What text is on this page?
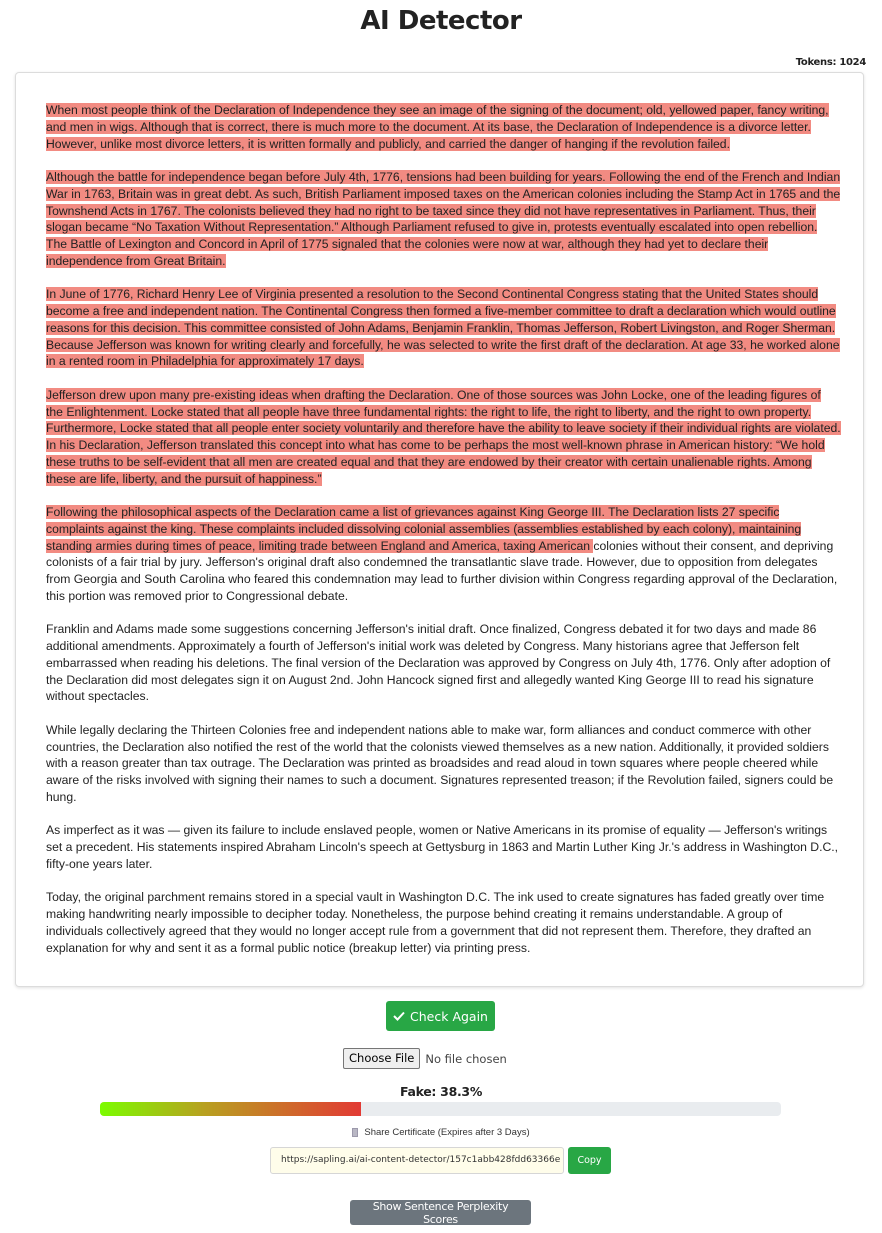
AI Detector
Tokens: 1024

When most people think of the Declaration of Independence they see an image of the signing of the document; old, yellowed paper, fancy writing, and men in wigs. Although that is correct, there is much more to the document. At its base, the Declaration of Independence is a divorce letter. However, unlike most divorce letters, it is written formally and publicly, and carried the danger of hanging if the revolution failed.

Although the battle for independence began before July 4th, 1776, tensions had been building for years. Following the end of the French and Indian War in 1763, Britain was in great debt. As such, British Parliament imposed taxes on the American colonies including the Stamp Act in 1765 and the Townshend Acts in 1767. The colonists believed they had no right to be taxed since they did not have representatives in Parliament. Thus, their slogan became “No Taxation Without Representation.” Although Parliament refused to give in, protests eventually escalated into open rebellion. The Battle of Lexington and Concord in April of 1775 signaled that the colonies were now at war, although they had yet to declare their independence from Great Britain.

In June of 1776, Richard Henry Lee of Virginia presented a resolution to the Second Continental Congress stating that the United States should become a free and independent nation. The Continental Congress then formed a five-member committee to draft a declaration which would outline reasons for this decision. This committee consisted of John Adams, Benjamin Franklin, Thomas Jefferson, Robert Livingston, and Roger Sherman. Because Jefferson was known for writing clearly and forcefully, he was selected to write the first draft of the declaration. At age 33, he worked alone in a rented room in Philadelphia for approximately 17 days.

Jefferson drew upon many pre-existing ideas when drafting the Declaration. One of those sources was John Locke, one of the leading figures of the Enlightenment. Locke stated that all people have three fundamental rights: the right to life, the right to liberty, and the right to own property. Furthermore, Locke stated that all people enter society voluntarily and therefore have the ability to leave society if their individual rights are violated. In his Declaration, Jefferson translated this concept into what has come to be perhaps the most well-known phrase in American history: “We hold these truths to be self-evident that all men are created equal and that they are endowed by their creator with certain unalienable rights. Among these are life, liberty, and the pursuit of happiness.”

Following the philosophical aspects of the Declaration came a list of grievances against King George III. The Declaration lists 27 specific complaints against the king. These complaints included dissolving colonial assemblies (assemblies established by each colony), maintaining standing armies during times of peace, limiting trade between England and America, taxing American colonies without their consent, and depriving colonists of a fair trial by jury. Jefferson's original draft also condemned the transatlantic slave trade. However, due to opposition from delegates from Georgia and South Carolina who feared this condemnation may lead to further division within Congress regarding approval of the Declaration, this portion was removed prior to Congressional debate.

Franklin and Adams made some suggestions concerning Jefferson's initial draft. Once finalized, Congress debated it for two days and made 86 additional amendments. Approximately a fourth of Jefferson's initial work was deleted by Congress. Many historians agree that Jefferson felt embarrassed when reading his deletions. The final version of the Declaration was approved by Congress on July 4th, 1776. Only after adoption of the Declaration did most delegates sign it on August 2nd. John Hancock signed first and allegedly wanted King George III to read his signature without spectacles.

While legally declaring the Thirteen Colonies free and independent nations able to make war, form alliances and conduct commerce with other countries, the Declaration also notified the rest of the world that the colonists viewed themselves as a new nation. Additionally, it provided soldiers with a reason greater than tax outrage. The Declaration was printed as broadsides and read aloud in town squares where people cheered while aware of the risks involved with signing their names to such a document. Signatures represented treason; if the Revolution failed, signers could be hung.

As imperfect as it was — given its failure to include enslaved people, women or Native Americans in its promise of equality — Jefferson's writings set a precedent. His statements inspired Abraham Lincoln's speech at Gettysburg in 1863 and Martin Luther King Jr.'s address in Washington D.C., fifty-one years later.

Today, the original parchment remains stored in a special vault in Washington D.C. The ink used to create signatures has faded greatly over time making handwriting nearly impossible to decipher today. Nonetheless, the purpose behind creating it remains understandable. A group of individuals collectively agreed that they would no longer accept rule from a government that did not represent them. Therefore, they drafted an explanation for why and sent it as a formal public notice (breakup letter) via printing press.

Check Again
Choose File No file chosen
Fake: 38.3%
Share Certificate (Expires after 3 Days)
https://sapling.ai/ai-content-detector/157c1abb428fdd63366e	Copy
Show Sentence Perplexity Scores
